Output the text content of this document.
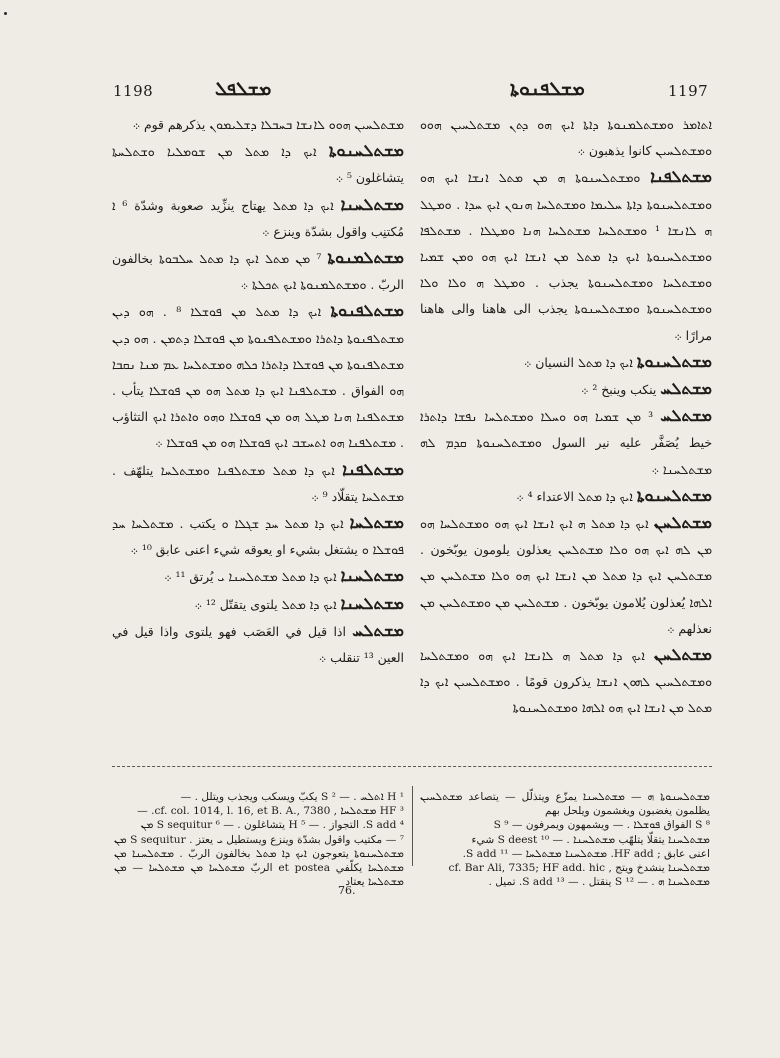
1198	ܡܫܠܦܠ	ܡܫܠܦܢܘܬܐ	1197

ܡܫܬܠܚܝܢ ܗܘܘ ܠܐܢܫܐ ܒܚܒܠܐ ܕܫܠܝܡܘܢ يذكرهم قوم ܀

ܡܫܬܠܚܢܘܬܐ ܐܝܟ ܕܐ ܡܬܠ ܡܢ ܫܘܡܠܝܐ ܘܫܬܠܚܬܐ يتشاغلون ⁵ ܀

ܡܫܬܠܚܢܐ ܐܝܟ ܕܐ ܡܬܠ يهتاج ينزِّيد صعوبة وشدّة ⁶ ܐ مُكتنِب واقول بشدّة وينزع ܀

ܡܫܬܠܡܢܘܬܐ ⁷ ܡܢ ܡܬܠ ܐܝܟ ܕܐ ܡܬܠ ܚܠܒܘܬܐ بخالفون الربّ . ܘܡܫܬܠܡܢܘܬܐ ܐܝܟ ܬܟܠܬܐ ܀

ܡܫܬܠܦܢܘܬܐ ܐܝܟ ܕܐ ܡܬܠ ܡܢ ܦܘܫܠܐ ⁸ . ܗܘ ܕܝܢ ܡܫܬܠܦܢܘܬܐ ܕܐܬܪܐ ܘܡܫܬܠܦܢܘܬܐ ܡܢ ܦܘܫܠܐ ܕܬܡܢ . ܗܘ ܕܝܢ ܡܫܬܠܦܢܘܬܐ ܡܢ ܦܘܫܠܐ ܕܐܬܪܐ ܟܠܗ ܘܡܫܬܠܚܐ ܥܡ ܡܢܐ ܢܩܒܐ ܗܘ الفواق . ܡܫܬܠܦܢܐ ܐܝܟ ܕܐ ܡܬܠ ܗܘ ܡܢ ܦܘܫܠܐ يتأب . ܡܫܬܠܦܢܐ ܗܢܐ ܡܛܠ ܗܘ ܡܢ ܦܘܫܠܐ ܘܗܘ ܘܐܬܪܐ ܐܝܟ التثاؤب . ܡܫܬܠܦܢܐ ܗܘ ܐܬܚܫܒ ܐܝܟ ܦܘܫܠܐ ܗܘ ܡܢ ܦܘܫܠܐ ܀

ܡܫܬܠܦܢܐ ܐܝܟ ܕܐ ܡܬܠ ܡܫܬܠܦܢܐ ܘܡܫܬܠܚܐ يتلهّف . ܡܫܬܠܚܐ يتقلّاد ⁹ ܀

ܡܫܬܠܚܐ ܐܝܟ ܕܐ ܡܬܠ ܚܕ ܫܓܠܐ ܘ يكتب . ܡܫܬܠܚܐ ܚܕ ܦܘܫܠܐ ܘ يشتغل بشيء او يعوقه شيء اعنى عابق ¹⁰ ܀

ܡܫܬܠܚܢܐ ܐܝܟ ܕܐ ܡܬܠ ܡܫܬܠܚܢܐ ܝ يُرتق ¹¹ ܀

ܡܫܬܠܚܢܐ ܐܝܟ ܕܐ ܡܬܠ يلتوى يتقتّل ¹² ܀

ܡܫܬܠܚ اذا قيل في العَصَب فهو يلتوى واذا قيل في العين ¹³ تنقلب ܀

ܐܬܐܡܪ ܘܡܫܬܠܡܢܘܬܐ ܕܐܬܐ ܐܝܟ ܗܘ ܕܬܢ ܡܫܬܠܚܝܢ ܗܘܘ ܘܡܫܬܠܚܝܢ كانوا يذهبون ܀

ܡܫܬܠܦܢܐ ܘܡܫܬܠܚܢܘܬܐ ܗ ܡܢ ܡܬܠ ܐܢܫܐ ܐܝܟ ܗܘ ܘܡܫܬܠܚܢܘܬܐ ܕܐܬܐ ܚܠܝܡܐ ܘܡܫܬܠܚܐ ܗܢܘܢ ܐܝܟ ܚܕܐ . ܘܡܛܠ ܗ ܠܐܢܫܐ ¹ ܘܡܫܬܠܚܐ ܡܫܬܠܚܐ ܗܢܐ ܘܡܛܠܐ . ܡܫܬܠܦܐ ܘܡܫܬܠܚܢܘܬܐ ܐܝܟ ܕܐ ܡܬܠ ܡܢ ܐܢܫܐ ܐܝܟ ܗܘ ܘܡܢ ܫܡܝܐ ܘܡܫܬܠܚܐ ܘܡܫܬܠܚܢܘܬܐ يجذب . ܘܡܛܠ ܗ ܘܠܐ ܘܠܐ ܘܡܫܬܠܚܢܘܬܐ ܘܡܫܬܠܚܢܘܬܐ يجذب الى هاهنا والى هاهنا مرارًا ܀

ܡܫܬܠܚܢܘܬܐ ܐܝܟ ܕܐ ܡܬܠ النسيان ܀

ܡܫܬܠܚ ينكب وينبخ ² ܀

ܡܫܬܠܚ ³ ܡܢ ܫܡܝܐ ܗܘ ܘܚܠܐ ܘܡܫܬܠܚܐ ܢܦܫܐ ܕܐܬܪܐ خيط يُصَفَّر عليه نير السول ܘܡܫܬܠܚܢܘܬܐ ܩܕܡ ܠܗ ܡܫܬܠܚܢܐ ܀

ܡܫܬܠܚܢܘܬܐ ܐܝܟ ܕܐ ܡܬܠ الاعتداء ⁴ ܀

ܡܫܬܠܚܢ ܐܝܟ ܕܐ ܡܬܠ ܗ ܐܝܟ ܐܢܫܐ ܐܝܟ ܗܘ ܘܡܫܬܠܚܐ ܗܘ ܡܢ ܠܗ ܐܝܟ ܗܘ ܘܠܐ ܡܫܬܠܚܢ يعذلون يلومون يوبّخون . ܡܫܬܠܚܢ ܐܝܟ ܕܐ ܡܬܠ ܡܢ ܐܢܫܐ ܐܝܟ ܗܘ ܘܠܐ ܡܫܬܠܚܢ ܡܢ ܐܠܗܐ يُعذلون يُلامون يوبّخون . ܡܫܬܠܚܢ ܡܢ ܘܡܫܬܠܚܢ ܡܢ نعذلهم ܀

ܡܫܬܠܚܢ ܐܝܟ ܕܐ ܡܬܠ ܗ ܠܐܢܫܐ ܐܝܟ ܗܘ ܘܡܫܬܠܚܐ ܘܡܫܬܠܚܝܢ ܠܗܘܢ ܐܢܫܐ يذكرون قومًا . ܘܡܫܬܠܚܝܢ ܐܝܟ ܕܐ ܡܬܠ ܡܢ ܐܢܫܐ ܐܝܟ ܗܘ ܐܠܗܐ ܘܡܫܬܠܚܢܘܬܐ

¹ H ܐܬܠܚ . — ² S يكبّ ويسكب ويجذب ويتلل . —

³ HF ܡܫܬܠܚܐ , cf. col. 1014, l. 16, et B. A., 7380. —

⁴ S add. التجواز . — ⁵ H يتشاغلون . — ⁶ S sequitur ܡܢ

⁷ — مكتيب واقول بشدّة وينزع ويستطيل ܝ يعتز . S sequitur ܡܢ ܡܫܬܠܚܢܘܬܐ يتعوجون ܐܝܟ ܕܐ ܡܬܠ بخالفون الربّ . ܡܫܬܠܚܢܐ ܡܢ ܡܫܬܠܚܐ يكلّفي et postea الربّ ܡܫܬܠܚܐ ܡܢ ܡܫܬܠܚܐ — ܡܢ ܡܫܬܠܚܐ يعتاد

ܡܫܬܠܚܢܘܬܐ ܗ — ܡܫܬܠܚܢܐ يمزّع ويتذلّل — يتصاعد ܡܫܬܠܚܝܢ يظلمون يغضبون ويغشمون ويلحل بهم

⁸ S الفواق ܦܘܫܠܐ . — ويشمهون ويمرفون — ⁹ S

ܡܫܬܠܚܢܐ يتقلّا يتلهّب ܡܫܬܠܚܢܐ . — ¹⁰ S deest شيء

اعنى عابق ; HF add. ܡܫܬܠܚܢܐ ܡܫܬܠܚܐ — ¹¹ S add.

ܡܫܬܠܚܢܐ ينشدخ ويتج , cf. Bar Ali, 7335; HF add. hic

ܡܫܬܠܚܢܐ ܗ . — ¹² S ينقتل . — ¹³ S add. تميل .

76.
